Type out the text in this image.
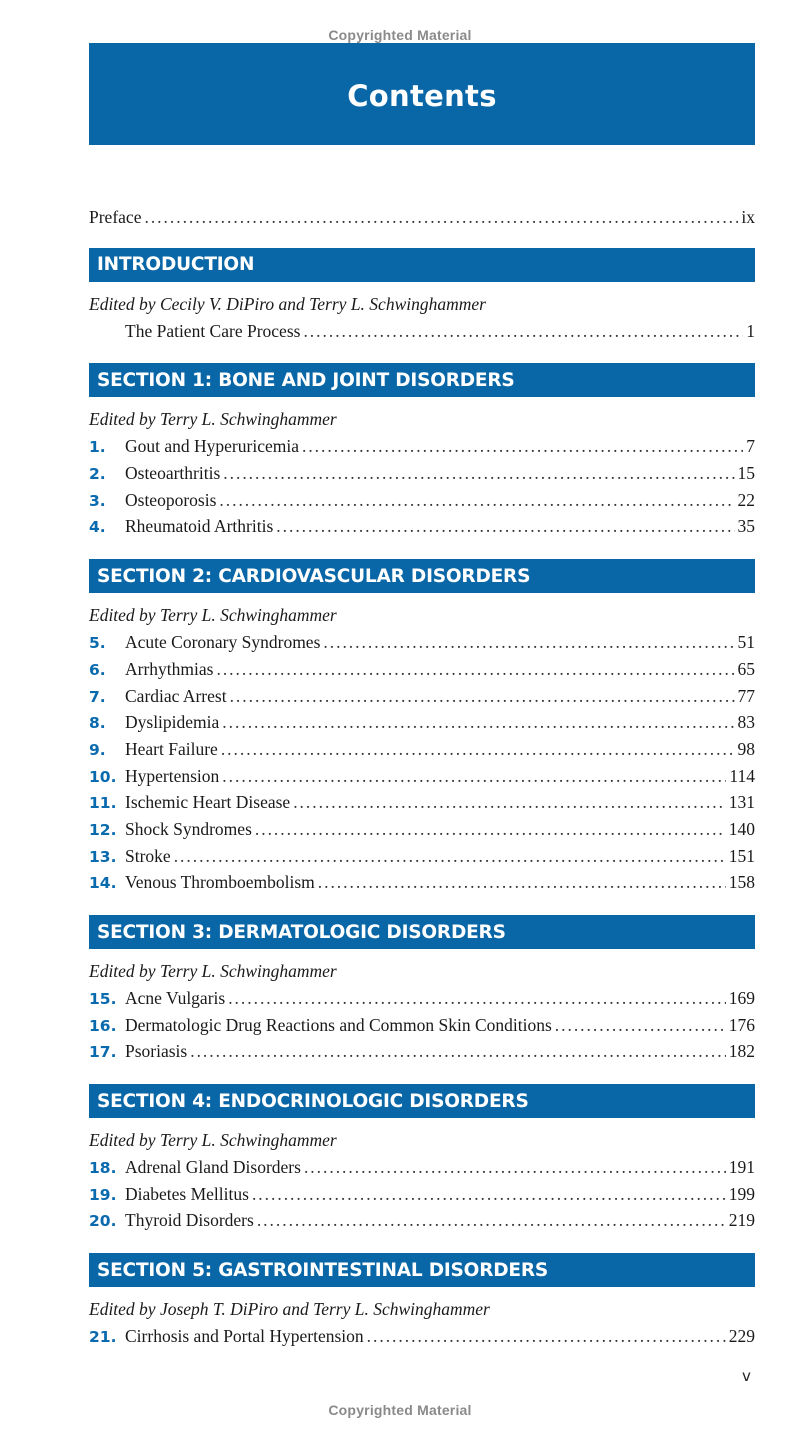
Copyrighted Material
Contents
Preface . . .	ix
INTRODUCTION
Edited by Cecily V. DiPiro and Terry L. Schwinghammer
The Patient Care Process . . .	1
SECTION 1: BONE AND JOINT DISORDERS
Edited by Terry L. Schwinghammer
1.	Gout and Hyperuricemia . . .	7
2.	Osteoarthritis . . .	15
3.	Osteoporosis . . .	22
4.	Rheumatoid Arthritis . . .	35
SECTION 2: CARDIOVASCULAR DISORDERS
Edited by Terry L. Schwinghammer
5.	Acute Coronary Syndromes . . .	51
6.	Arrhythmias . . .	65
7.	Cardiac Arrest . . .	77
8.	Dyslipidemia . . .	83
9.	Heart Failure . . .	98
10. Hypertension . . .	114
11. Ischemic Heart Disease . . .	131
12. Shock Syndromes . . .	140
13. Stroke . . .	151
14. Venous Thromboembolism . . .	158
SECTION 3: DERMATOLOGIC DISORDERS
Edited by Terry L. Schwinghammer
15. Acne Vulgaris . . .	169
16. Dermatologic Drug Reactions and Common Skin Conditions . . .	176
17. Psoriasis . . .	182
SECTION 4: ENDOCRINOLOGIC DISORDERS
Edited by Terry L. Schwinghammer
18. Adrenal Gland Disorders . . .	191
19. Diabetes Mellitus . . .	199
20. Thyroid Disorders . . .	219
SECTION 5: GASTROINTESTINAL DISORDERS
Edited by Joseph T. DiPiro and Terry L. Schwinghammer
21. Cirrhosis and Portal Hypertension . . .	229
v
Copyrighted Material
